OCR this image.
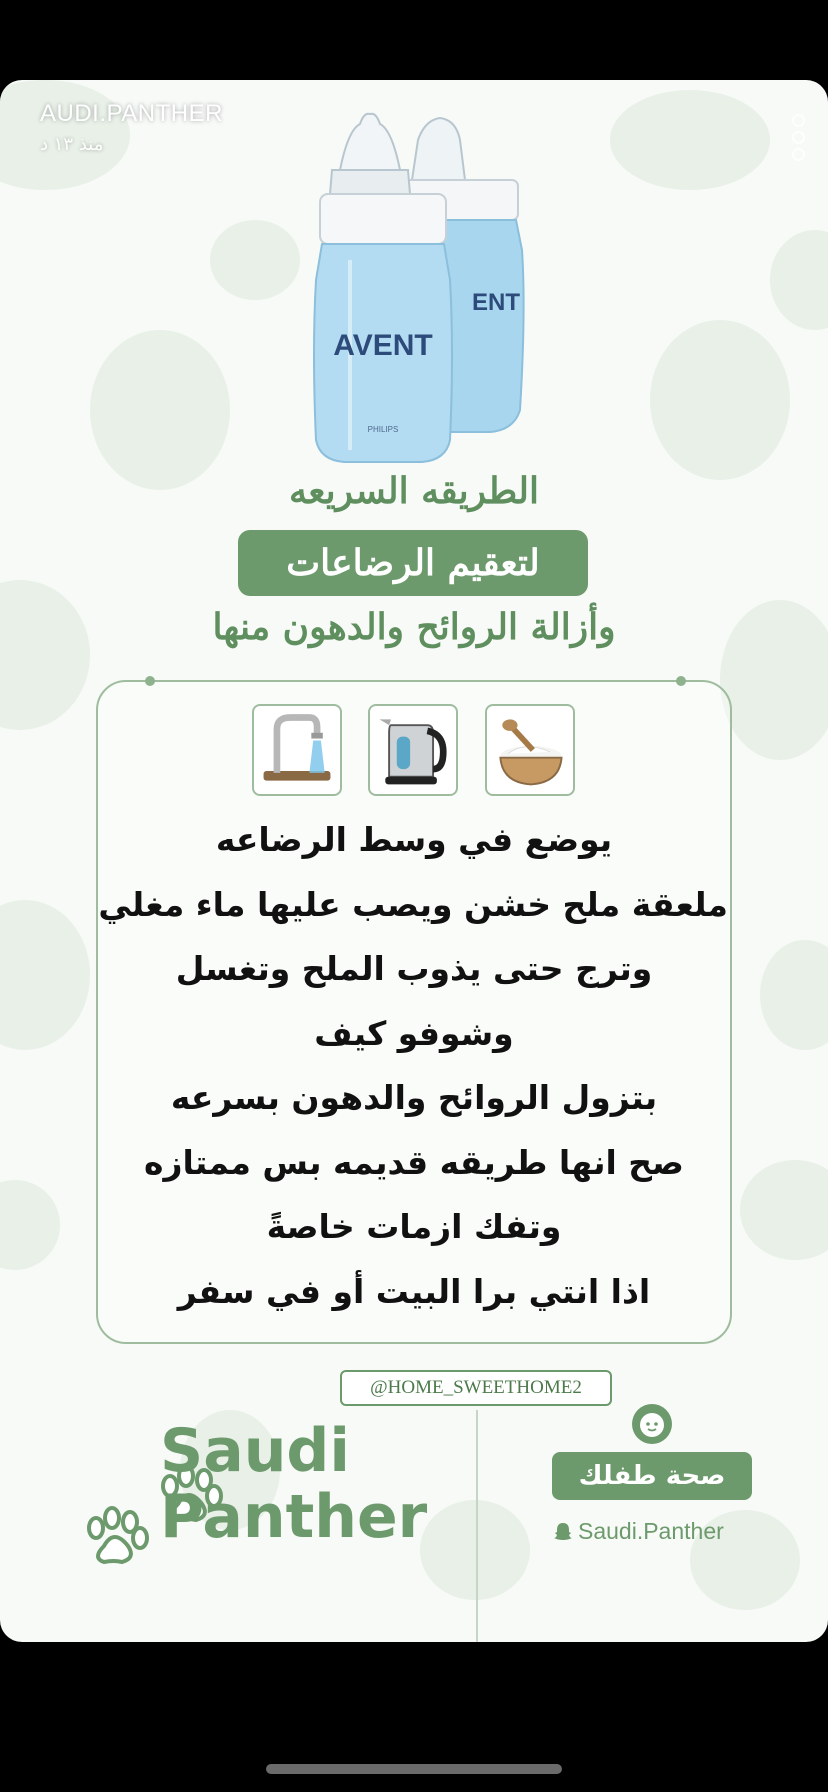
AUDI.PANTHER
منذ ١٣ د
ENT
AVENT
PHILIPS
الطريقه السريعه
لتعقيم الرضاعات
وأزالة الروائح والدهون منها
يوضع في وسط الرضاعه
ملعقة ملح خشن ويصب عليها ماء مغلي
وترج حتى يذوب الملح وتغسل
وشوفو كيف
بتزول الروائح والدهون بسرعه
صح انها طريقه قديمه بس ممتازه
وتفك ازمات خاصةً
اذا انتي برا البيت أو في سفر
@HOME_SWEETHOME2
Saudi
Panther
صحة طفلك
Saudi.Panther
